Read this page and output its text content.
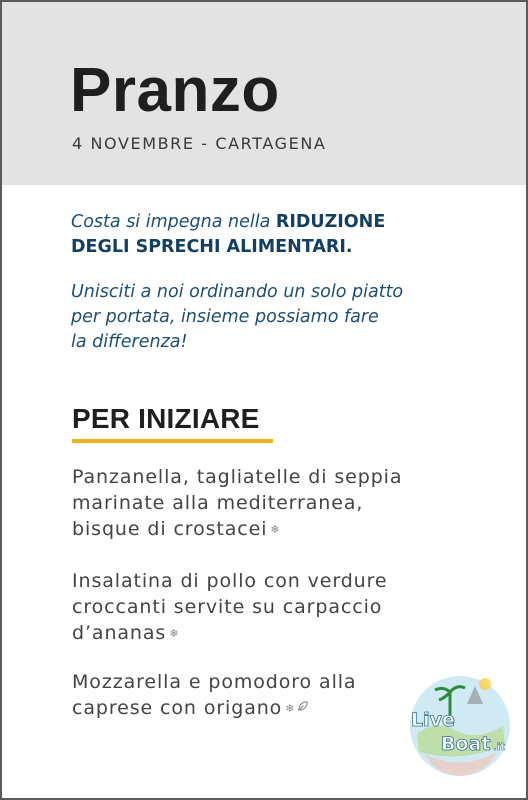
Pranzo
4 NOVEMBRE - CARTAGENA
Costa si impegna nella RIDUZIONE
DEGLI SPRECHI ALIMENTARI.
Unisciti a noi ordinando un solo piatto
per portata, insieme possiamo fare
la differenza!
PER INIZIARE
Panzanella, tagliatelle di seppia
marinate alla mediterranea,
bisque di crostacei ❄
Insalatina di pollo con verdure
croccanti servite su carpaccio
d’ananas ❄
Mozzarella e pomodoro alla
caprese con origano ❄
Live
Boat .it
